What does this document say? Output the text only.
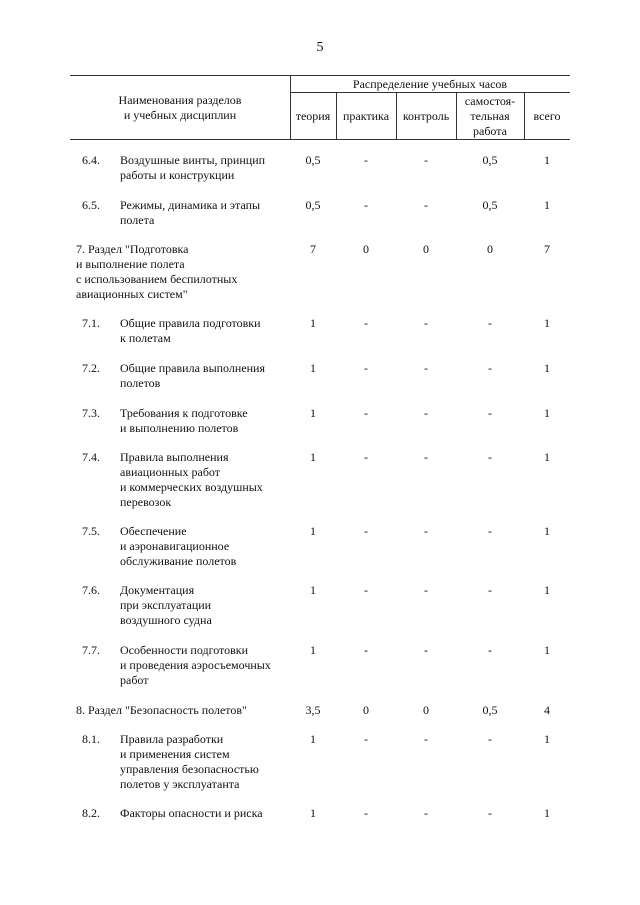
5
Наименования разделов
и учебных дисциплин
Распределение учебных часов
теория	практика	контроль
самостоя-
тельная
работа
всего
6.4. Воздушные винты, принцип
работы и конструкции
0,5	-	-	0,5	1
6.5. Режимы, динамика и этапы
полета
0,5	-	-	0,5	1
7. Раздел "Подготовка
и выполнение полета
с использованием беспилотных
авиационных систем"
7	0	0	0	7
7.1. Общие правила подготовки
к полетам
1	-	-	-	1
7.2. Общие правила выполнения
полетов
1	-	-	-	1
7.3. Требования к подготовке
и выполнению полетов
1	-	-	-	1
7.4. Правила выполнения
авиационных работ
и коммерческих воздушных
перевозок
1	-	-	-	1
7.5. Обеспечение
и аэронавигационное
обслуживание полетов
1	-	-	-	1
7.6. Документация
при эксплуатации
воздушного судна
1	-	-	-	1
7.7. Особенности подготовки
и проведения аэросъемочных
работ
1	-	-	-	1
8. Раздел "Безопасность полетов"	3,5	0	0	0,5	4
8.1. Правила разработки
и применения систем
управления безопасностью
полетов у эксплуатанта
1	-	-	-	1
8.2. Факторы опасности и риска	1	-	-	-	1
